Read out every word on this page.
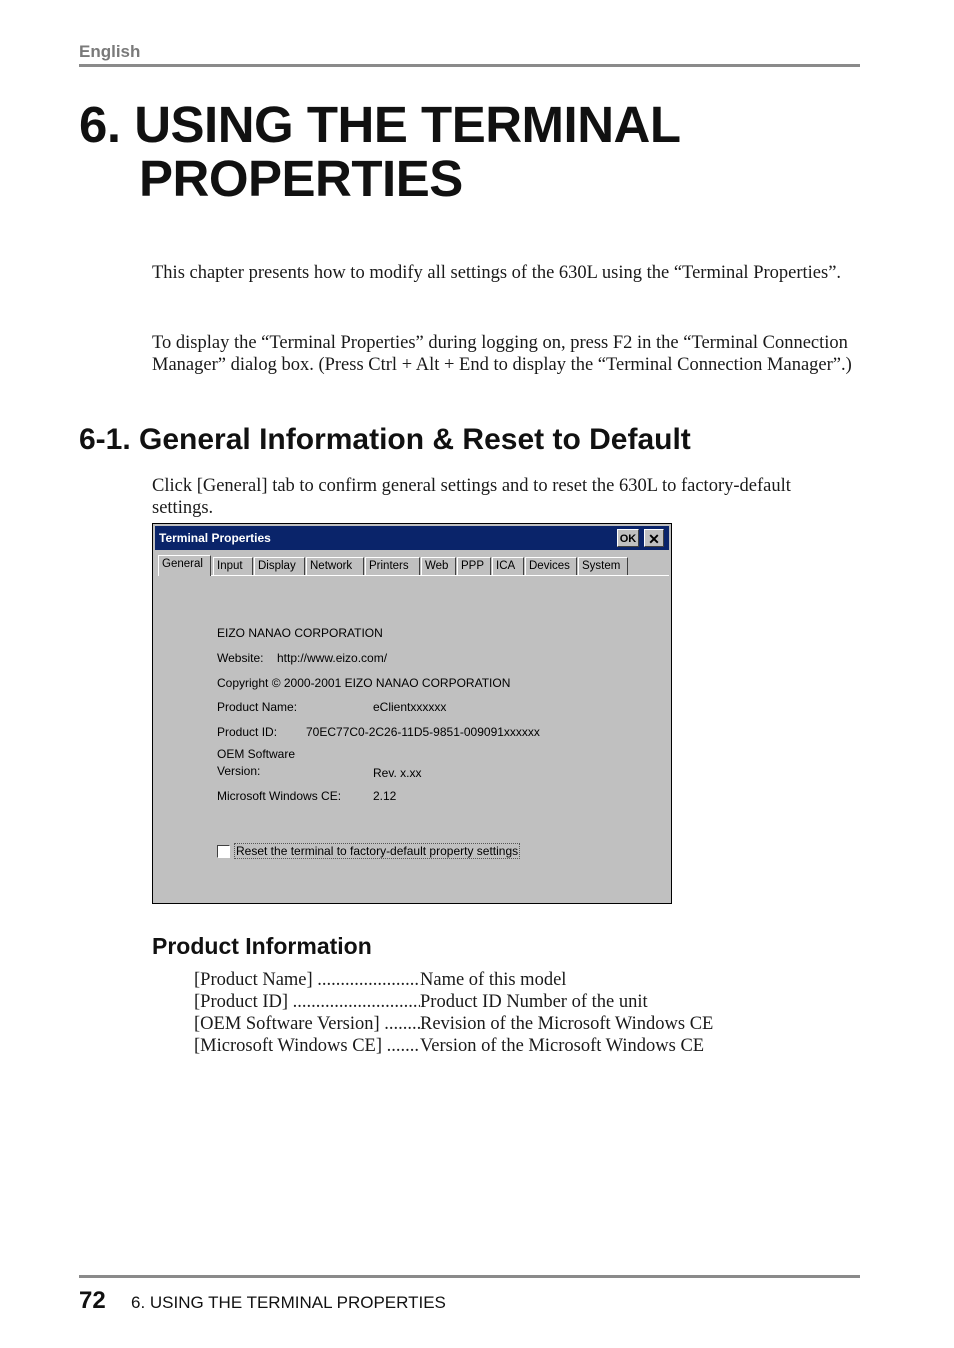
English
6. USING THE TERMINAL
PROPERTIES

This chapter presents how to modify all settings of the 630L using the “Terminal Properties”.

To display the “Terminal Properties” during logging on, press F2 in the “Terminal Connection Manager” dialog box. (Press Ctrl + Alt + End to display the “Terminal Connection Manager”.)

6-1. General Information & Reset to Default

Click [General] tab to confirm general settings and to reset the 630L to factory-default settings.

Terminal Properties	OK ✕
General	Input	Display	Network	Printers	Web	PPP	ICA	Devices	System
EIZO NANAO CORPORATION
Website: http://www.eizo.com/
Copyright © 2000-2001 EIZO NANAO CORPORATION
Product Name:	eClientxxxxxx
Product ID: 70EC77C0-2C26-11D5-9851-009091xxxxxx
OEM Software
Version:	Rev. x.xx
Microsoft Windows CE:	2.12
Reset the terminal to factory-default property settings
Product Information
[Product Name] .....	Name of this model
[Product ID] .....	Product ID Number of the unit
[OEM Software Version] ..... Revision of the Microsoft Windows CE
[Microsoft Windows CE] ..... Version of the Microsoft Windows CE
72 6. USING THE TERMINAL PROPERTIES
